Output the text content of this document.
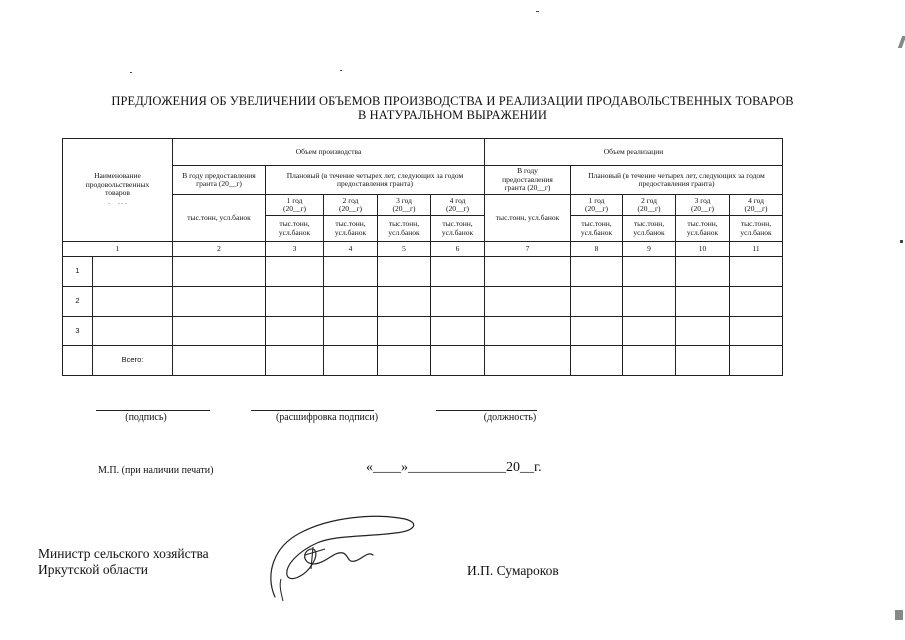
ПРЕДЛОЖЕНИЯ ОБ УВЕЛИЧЕНИИ ОБЪЕМОВ ПРОИЗВОДСТВА И РЕАЛИЗАЦИИ ПРОДАВОЛЬСТВЕННЫХ ТОВАРОВ
В НАТУРАЛЬНОМ ВЫРАЖЕНИИ
Наименование продовольственных товаров
-     - - -		Объем производства					Объем реализации				
		В году предоставления гранта (20__г)	Плановый (в течение четырех лет, следующих за годом предоставления гранта)				В году предоставления гранта (20__г)	Плановый (в течение четырех лет, следующих за годом предоставления гранта)			
		тыс.тонн, усл.банок	1 год (20__г)	2 год (20__г)	3 год (20__г)	4 год (20__г)	тыс.тонн, усл.банок	1 год (20__г)	2 год (20__г)	3 год (20__г)	4 год (20__г)
			тыс.тонн, усл.банок	тыс.тонн, усл.банок	тыс.тонн, усл.банок	тыс.тонн, усл.банок		тыс.тонн, усл.банок	тыс.тонн, усл.банок	тыс.тонн, усл.банок	тыс.тонн, усл.банок
1		2	3	4	5	6	7	8	9	10	11
1											
2											
3											
	Всего:										
(подпись)	(расшифровка подписи)	(должность)
М.П. (при наличии печати)	«____»______________20__г.
Министр сельского хозяйства
Иркутской области	И.П. Сумароков
